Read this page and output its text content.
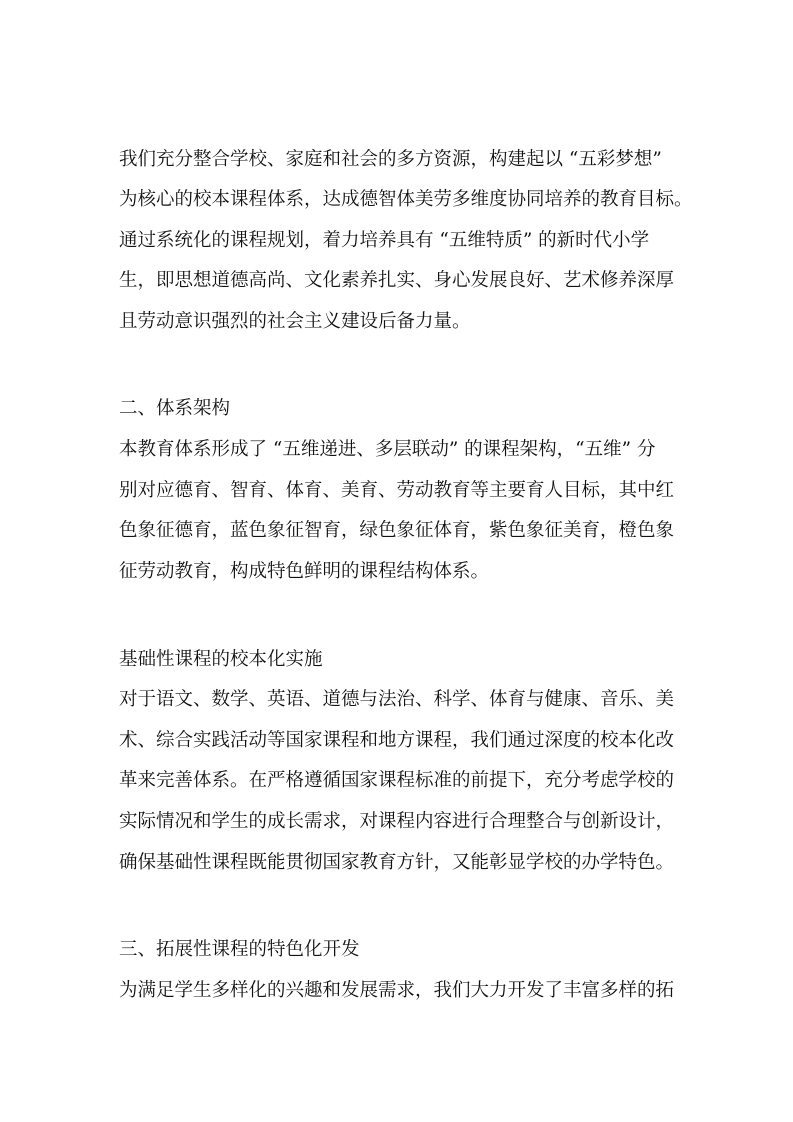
我们充分整合学校、家庭和社会的多方资源，构建起以 “五彩梦想”
为核心的校本课程体系，达成德智体美劳多维度协同培养的教育目标。
通过系统化的课程规划，着力培养具有 “五维特质” 的新时代小学
生，即思想道德高尚、文化素养扎实、身心发展良好、艺术修养深厚
且劳动意识强烈的社会主义建设后备力量。
二、体系架构
本教育体系形成了 “五维递进、多层联动” 的课程架构，“五维” 分
别对应德育、智育、体育、美育、劳动教育等主要育人目标，其中红
色象征德育，蓝色象征智育，绿色象征体育，紫色象征美育，橙色象
征劳动教育，构成特色鲜明的课程结构体系。
基础性课程的校本化实施
对于语文、数学、英语、道德与法治、科学、体育与健康、音乐、美
术、综合实践活动等国家课程和地方课程，我们通过深度的校本化改
革来完善体系。在严格遵循国家课程标准的前提下，充分考虑学校的
实际情况和学生的成长需求，对课程内容进行合理整合与创新设计，
确保基础性课程既能贯彻国家教育方针，又能彰显学校的办学特色。
三、拓展性课程的特色化开发
为满足学生多样化的兴趣和发展需求，我们大力开发了丰富多样的拓
